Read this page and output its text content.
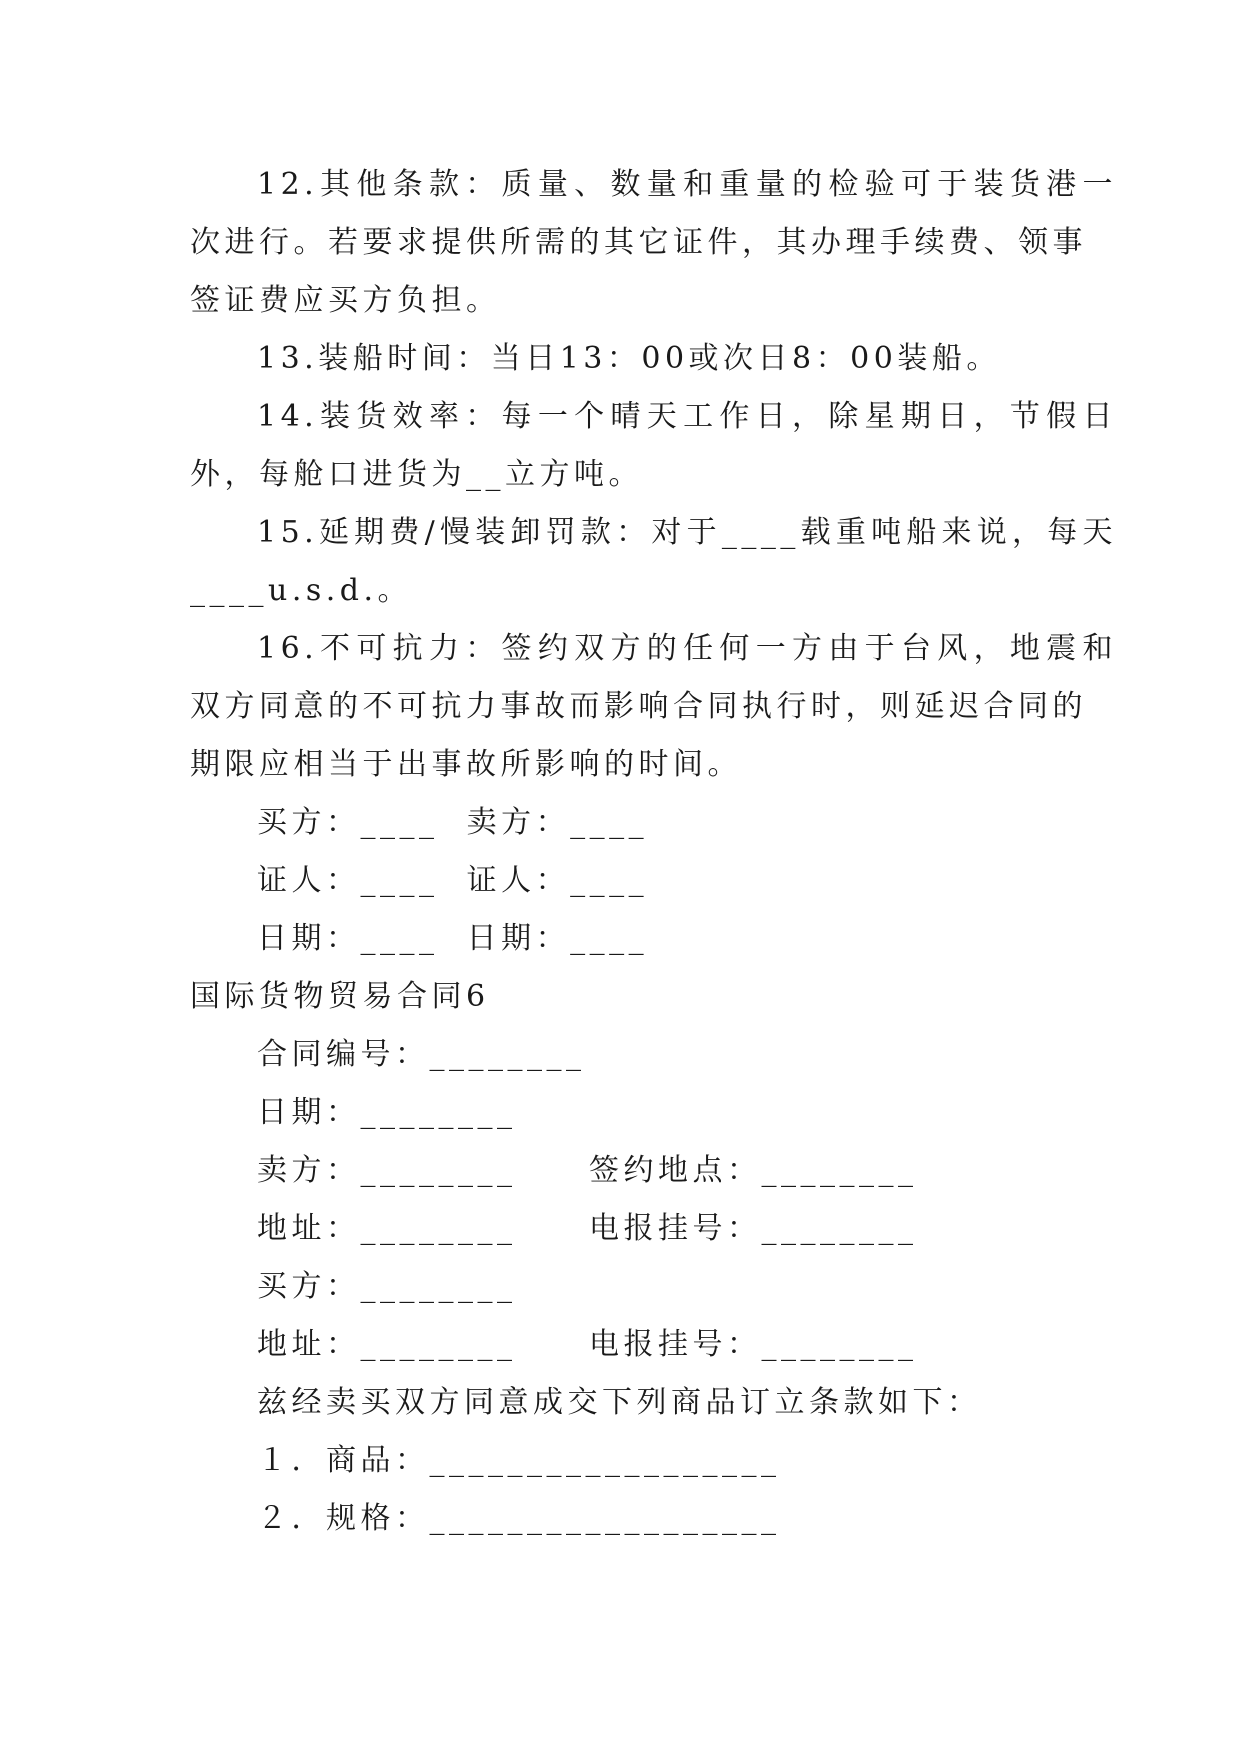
12.其他条款：质量、数量和重量的检验可于装货港一
次进行。若要求提供所需的其它证件，其办理手续费、领事
签证费应买方负担。
13.装船时间：当日13：00或次日8：00装船。
14.装货效率：每一个晴天工作日，除星期日，节假日
外，每舱口进货为__立方吨。
15.延期费/慢装卸罚款：对于____载重吨船来说，每天
____u.s.d.。
16.不可抗力：签约双方的任何一方由于台风，地震和
双方同意的不可抗力事故而影响合同执行时，则延迟合同的
期限应相当于出事故所影响的时间。
买方：____  卖方：____
证人：____  证人：____
日期：____  日期：____
国际货物贸易合同6
合同编号：________
日期：________
卖方：________	签约地点：________
地址：________	电报挂号：________
买方：________
地址：________	电报挂号：________
兹经卖买双方同意成交下列商品订立条款如下：
１．商品：__________________
２．规格：__________________
